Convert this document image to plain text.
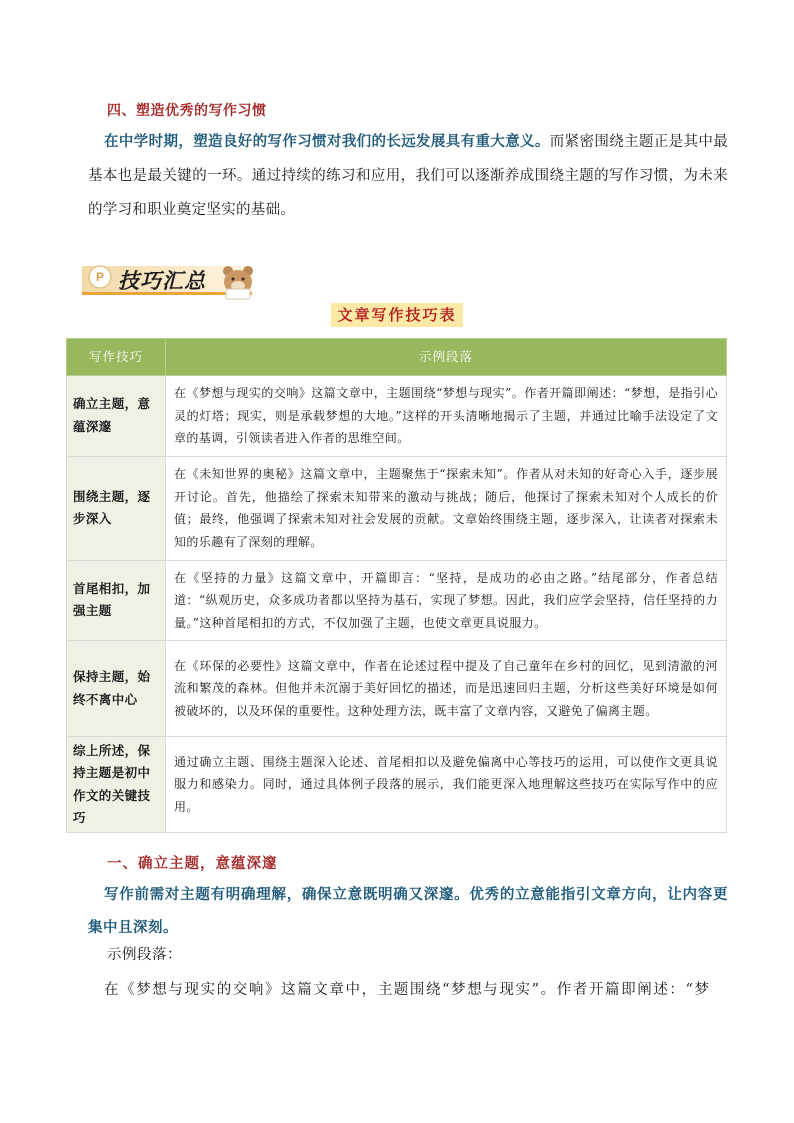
四、塑造优秀的写作习惯
在中学时期，塑造良好的写作习惯对我们的长远发展具有重大意义。而紧密围绕主题正是其中最基本也是最关键的一环。通过持续的练习和应用，我们可以逐渐养成围绕主题的写作习惯，为未来的学习和职业奠定坚实的基础。
P 技巧汇总
文章写作技巧表
写作技巧	示例段落
确立主题，意蕴深邃	在《梦想与现实的交响》这篇文章中，主题围绕“梦想与现实”。作者开篇即阐述：“梦想，是指引心灵的灯塔；现实，则是承载梦想的大地。”这样的开头清晰地揭示了主题，并通过比喻手法设定了文章的基调，引领读者进入作者的思维空间。
围绕主题，逐步深入	在《未知世界的奥秘》这篇文章中，主题聚焦于“探索未知”。作者从对未知的好奇心入手，逐步展开讨论。首先，他描绘了探索未知带来的激动与挑战；随后，他探讨了探索未知对个人成长的价值；最终，他强调了探索未知对社会发展的贡献。文章始终围绕主题，逐步深入，让读者对探索未知的乐趣有了深刻的理解。
首尾相扣，加强主题	在《坚持的力量》这篇文章中，开篇即言：“坚持，是成功的必由之路。”结尾部分，作者总结道：“纵观历史，众多成功者都以坚持为基石，实现了梦想。因此，我们应学会坚持，信任坚持的力量。”这种首尾相扣的方式，不仅加强了主题，也使文章更具说服力。
保持主题，始终不离中心	在《环保的必要性》这篇文章中，作者在论述过程中提及了自己童年在乡村的回忆，见到清澈的河流和繁茂的森林。但他并未沉溺于美好回忆的描述，而是迅速回归主题，分析这些美好环境是如何被破坏的，以及环保的重要性。这种处理方法，既丰富了文章内容，又避免了偏离主题。
综上所述，保持主题是初中作文的关键技巧	通过确立主题、围绕主题深入论述、首尾相扣以及避免偏离中心等技巧的运用，可以使作文更具说服力和感染力。同时，通过具体例子段落的展示，我们能更深入地理解这些技巧在实际写作中的应用。
一、确立主题，意蕴深邃
写作前需对主题有明确理解，确保立意既明确又深邃。优秀的立意能指引文章方向，让内容更集中且深刻。
示例段落：
在《梦想与现实的交响》这篇文章中，主题围绕“梦想与现实”。作者开篇即阐述：“梦
